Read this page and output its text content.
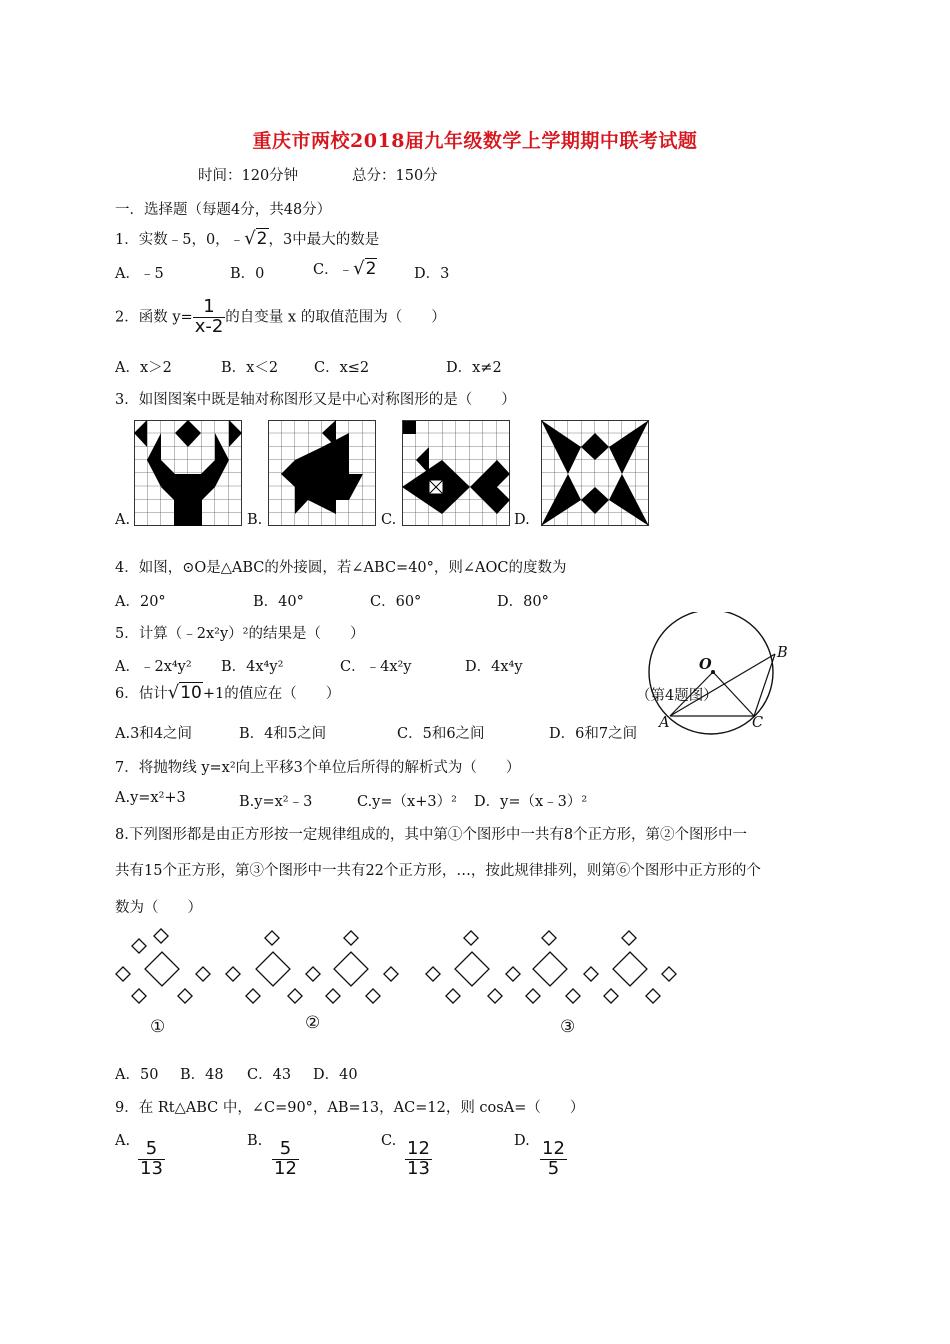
重庆市两校2018届九年级数学上学期期中联考试题
时间：120分钟	总分：150分
一．选择题（每题4分，共48分）
1．实数﹣5，0，﹣√2，3中最大的数是
A．﹣5	B．0	C．﹣√2	D．3
2．函数 $y= \frac{1}{x-2}$ 的自变量 x 的取值范围为（　　）
A．x＞2	B．x＜2 C．x≤2	D．x≠2
3．如图图案中既是轴对称图形又是中心对称图形的是（　　）
A.	B.	C.	D.
4．如图，⊙O是△ABC的外接圆，若∠ABC=40°，则∠AOC的度数为
A．20°	B．40°	C．60°	D．80°
O
B
A	C
（第4题图）
5．计算（﹣2x²y）²的结果是（　　）
A．﹣2x⁴y² B．4x⁴y²	C．﹣4x²y	D．4x⁴y
6．估计√10+1的值应在（　　）
A.3和4之间	B．4和5之间	C．5和6之间	D．6和7之间
7．将抛物线 y=x²向上平移3个单位后所得的解析式为（　　）
A.y=x²+3	B.y=x²﹣3	C.y=（x+3）² D．y=（x﹣3）²
8.下列图形都是由正方形按一定规律组成的，其中第①个图形中一共有8个正方形，第②个图形中一
共有15个正方形，第③个图形中一共有22个正方形，…，按此规律排列，则第⑥个图形中正方形的个
数为（　　）
①	②	③
A．50 B．48 C．43 D．40
9．在 Rt△ABC 中，∠C=90°，AB=13，AC=12，则 cosA=（　　）
A. $\frac{5}{13}$	B. $\frac{5}{12}$	C. $\frac{12}{13}$	D. $\frac{12}{5}$
